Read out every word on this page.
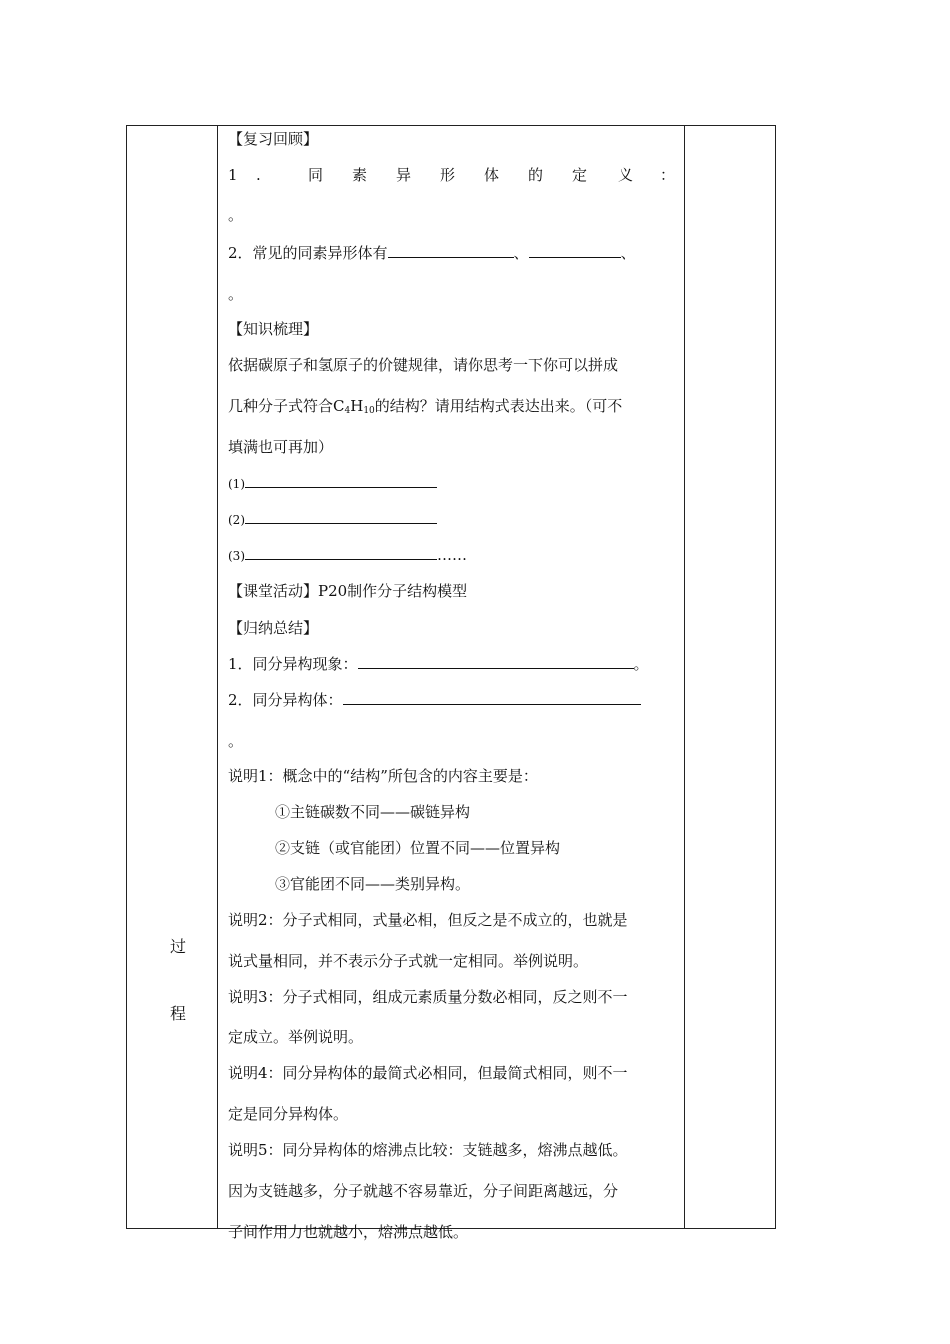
过
程
【复习回顾】
1 .	同 素 异 形 体 的 定 义 ：
。
2．常见的同素异形体有	、	、
。
【知识梳理】
依据碳原子和氢原子的价键规律，请你思考一下你可以拼成
几种分子式符合$C_4H_{10}$的结构？请用结构式表达出来。（可不
填满也可再加）
(1)
(2)
(3)	……
【课堂活动】P20制作分子结构模型
【归纳总结】
1．同分异构现象：	。
2．同分异构体：
。
说明1：概念中的“结构”所包含的内容主要是：
①主链碳数不同——碳链异构
②支链（或官能团）位置不同——位置异构
③官能团不同——类别异构。
说明2：分子式相同，式量必相，但反之是不成立的，也就是
说式量相同，并不表示分子式就一定相同。举例说明。
说明3：分子式相同，组成元素质量分数必相同，反之则不一
定成立。举例说明。
说明4：同分异构体的最简式必相同，但最简式相同，则不一
定是同分异构体。
说明5：同分异构体的熔沸点比较：支链越多，熔沸点越低。
因为支链越多，分子就越不容易靠近，分子间距离越远，分
子间作用力也就越小，熔沸点越低。
